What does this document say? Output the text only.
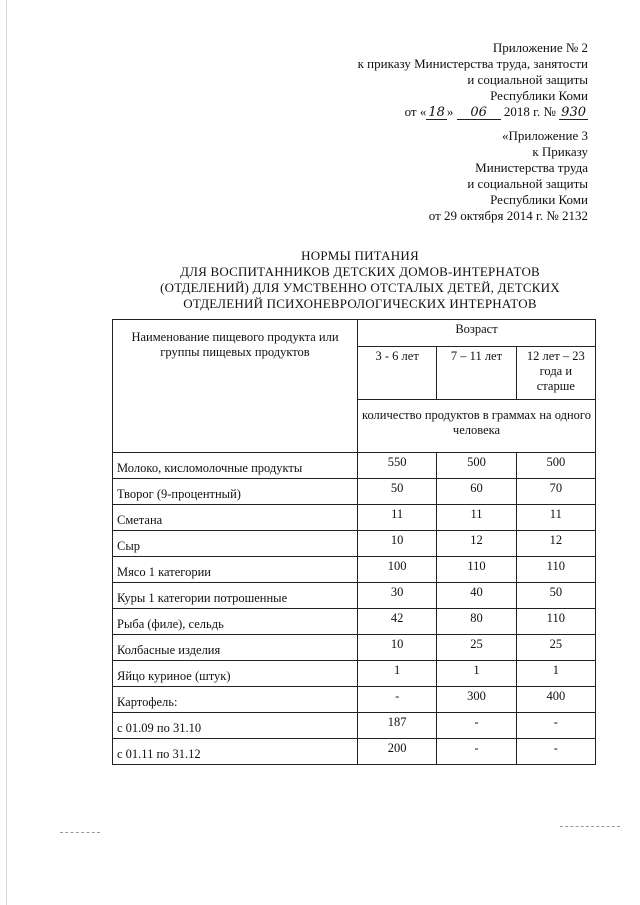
Приложение № 2
к приказу Министерства труда, занятости
и социальной защиты
Республики Коми
от « 18 » 06 2018 г. № 930
«Приложение 3
к Приказу
Министерства труда
и социальной защиты
Республики Коми
от 29 октября 2014 г. № 2132
НОРМЫ ПИТАНИЯ
ДЛЯ ВОСПИТАННИКОВ ДЕТСКИХ ДОМОВ-ИНТЕРНАТОВ
(ОТДЕЛЕНИЙ) ДЛЯ УМСТВЕННО ОТСТАЛЫХ ДЕТЕЙ, ДЕТСКИХ
ОТДЕЛЕНИЙ ПСИХОНЕВРОЛОГИЧЕСКИХ ИНТЕРНАТОВ
Наименование пищевого продукта или группы пищевых продуктов	Возраст		
	3 - 6 лет	7 – 11 лет	12 лет – 23 года и старше
	количество продуктов в граммах на одного человека		
Молоко, кисломолочные продукты	550	500	500
Творог (9-процентный)	50	60	70
Сметана	11	11	11
Сыр	10	12	12
Мясо 1 категории	100	110	110
Куры 1 категории потрошенные	30	40	50
Рыба (филе), сельдь	42	80	110
Колбасные изделия	10	25	25
Яйцо куриное (штук)	1	1	1
Картофель:	-	300	400
с 01.09 по 31.10	187	-	-
с 01.11 по 31.12	200	-	-
